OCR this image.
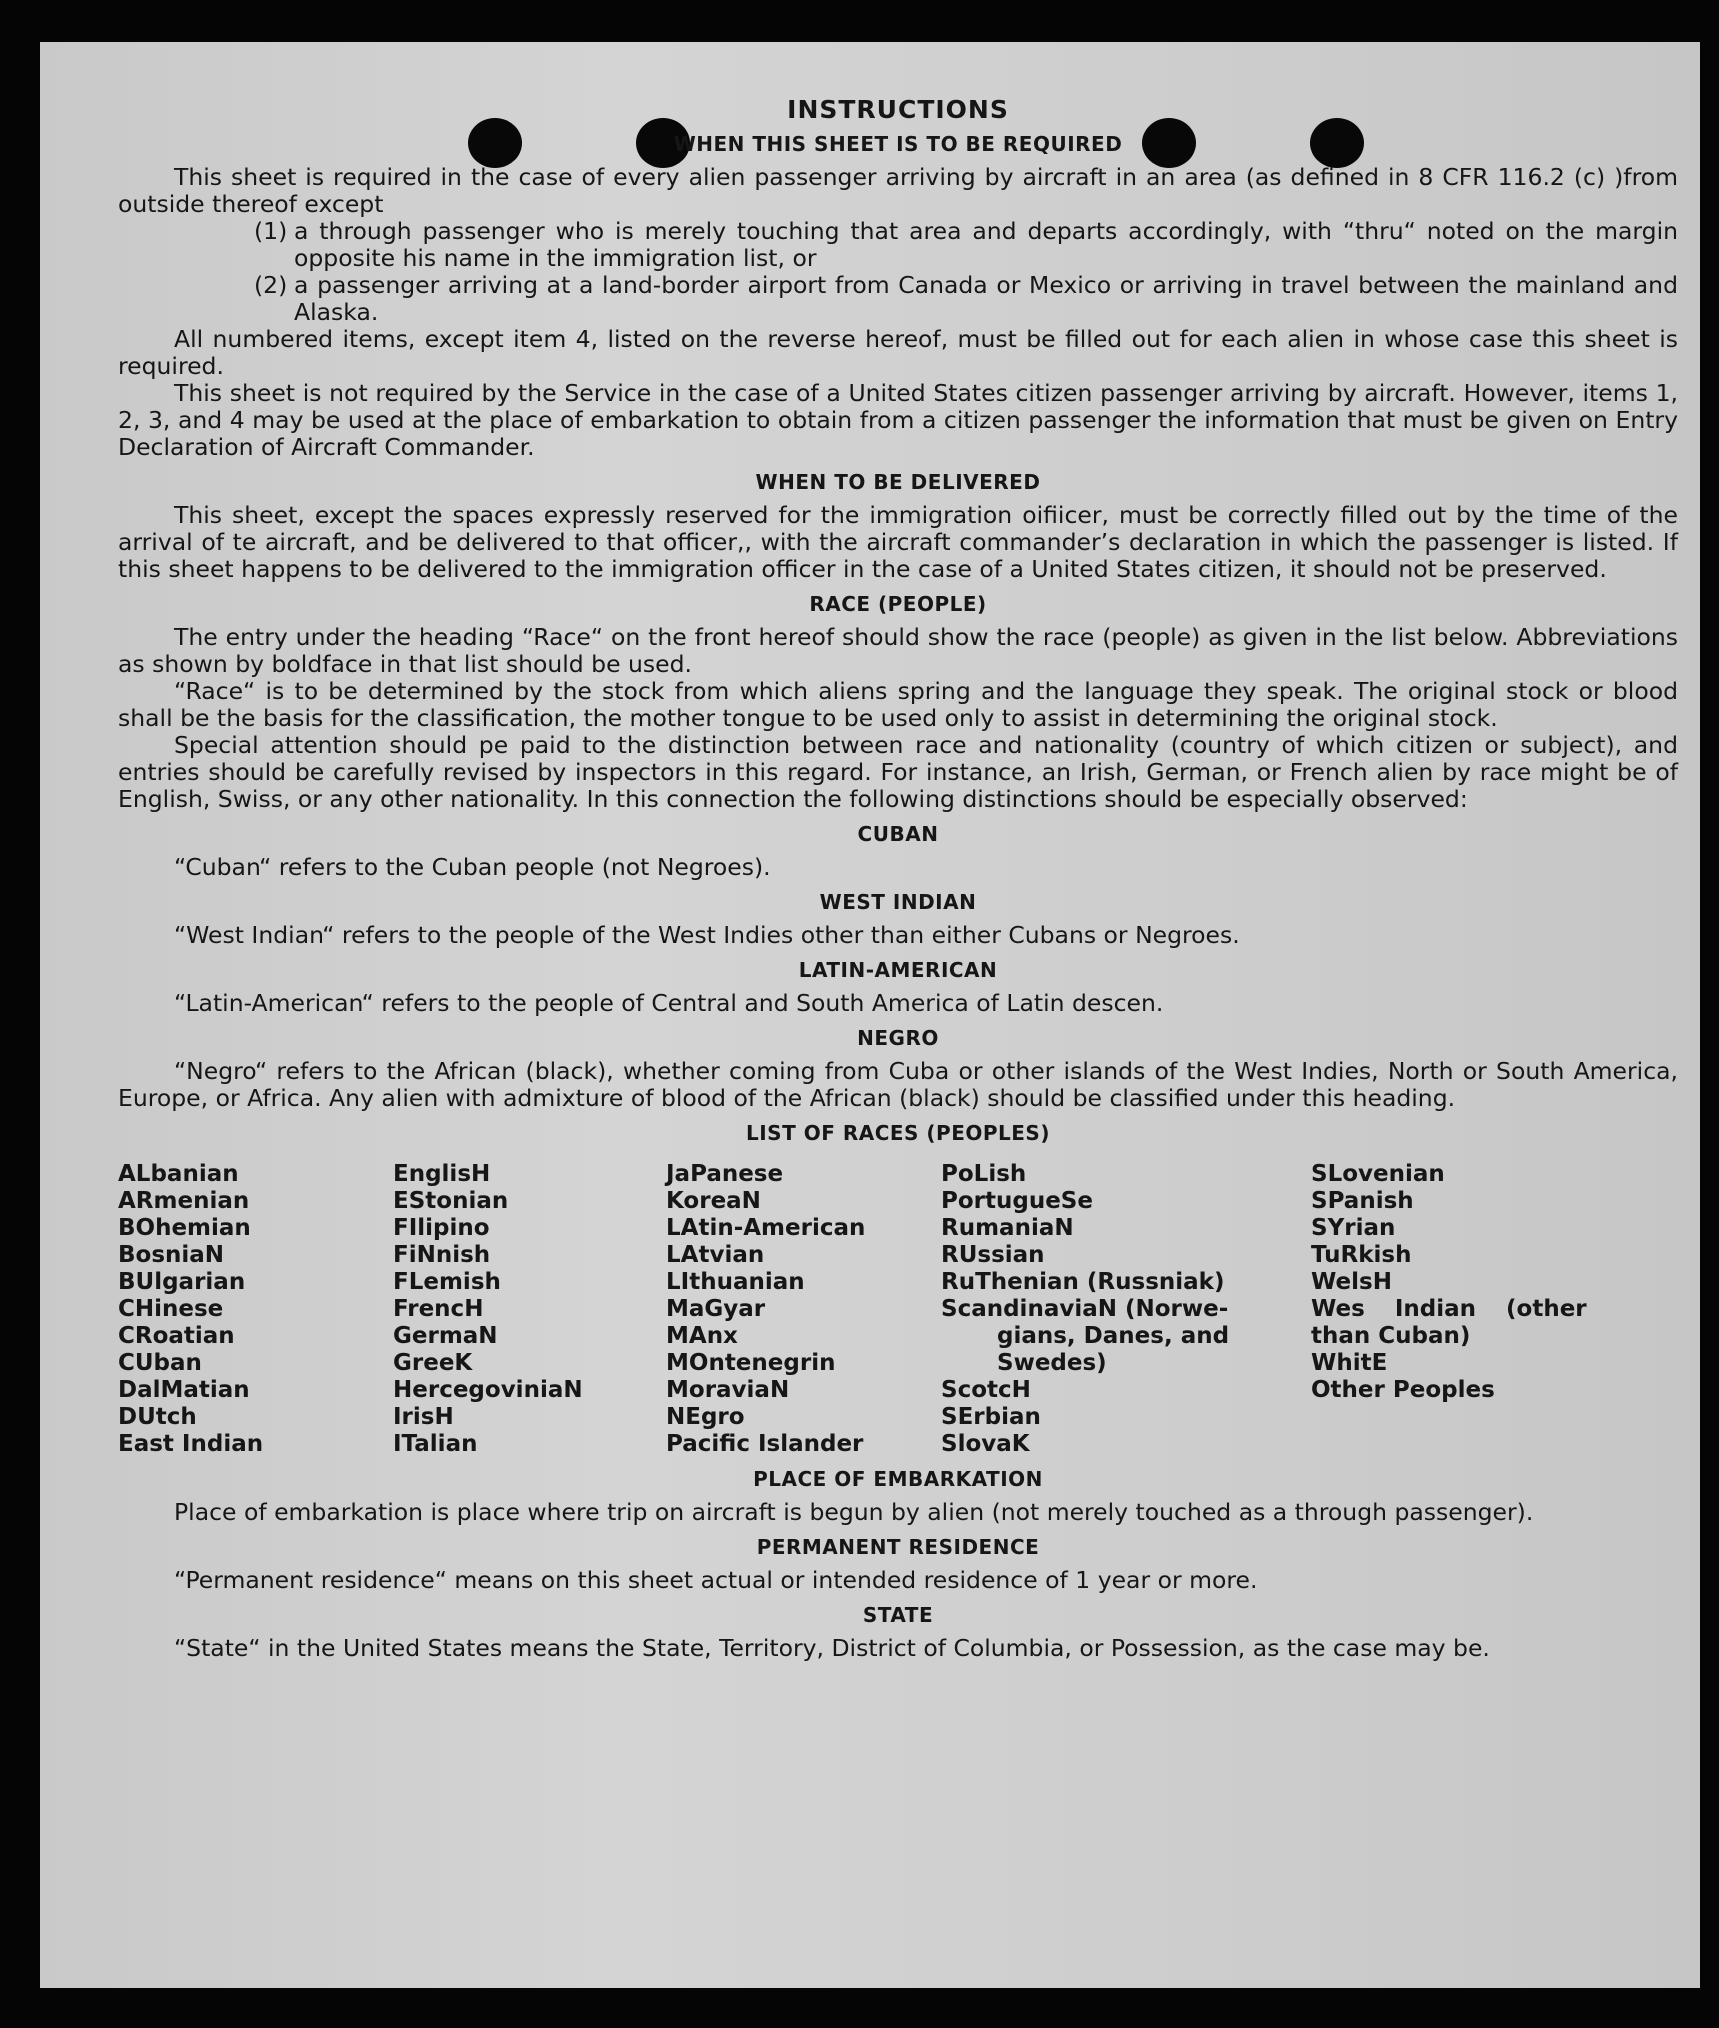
INSTRUCTIONS
WHEN THIS SHEET IS TO BE REQUIRED

This sheet is required in the case of every alien passenger arriving by aircraft in an area (as defined in 8 CFR 116.2 (c) )from outside thereof except

(1) a through passenger who is merely touching that area and departs accordingly, with “thru“ noted on the margin opposite his name in the immigration list, or
(2) a passenger arriving at a land-border airport from Canada or Mexico or arriving in travel between the mainland and Alaska.

All numbered items, except item 4, listed on the reverse hereof, must be filled out for each alien in whose case this sheet is required.

This sheet is not required by the Service in the case of a United States citizen passenger arriving by aircraft. However, items 1, 2, 3, and 4 may be used at the place of embarkation to obtain from a citizen passenger the information that must be given on Entry Declaration of Aircraft Commander.

WHEN TO BE DELIVERED

This sheet, except the spaces expressly reserved for the immigration oifiicer, must be correctly filled out by the time of the arrival of te aircraft, and be delivered to that officer,, with the aircraft commander’s declaration in which the passenger is listed. If this sheet happens to be delivered to the immigration officer in the case of a United States citizen, it should not be preserved.

RACE (PEOPLE)

The entry under the heading “Race“ on the front hereof should show the race (people) as given in the list below. Abbreviations as shown by boldface in that list should be used.

“Race“ is to be determined by the stock from which aliens spring and the language they speak. The original stock or blood shall be the basis for the classification, the mother tongue to be used only to assist in determining the original stock.

Special attention should pe paid to the distinction between race and nationality (country of which citizen or subject), and entries should be carefully revised by inspectors in this regard. For instance, an Irish, German, or French alien by race might be of English, Swiss, or any other nationality. In this connection the following distinctions should be especially observed:

CUBAN

“Cuban“ refers to the Cuban people (not Negroes).

WEST INDIAN

“West Indian“ refers to the people of the West Indies other than either Cubans or Negroes.

LATIN-AMERICAN

“Latin-American“ refers to the people of Central and South America of Latin descen.

NEGRO

“Negro“ refers to the African (black), whether coming from Cuba or other islands of the West Indies, North or South America, Europe, or Africa. Any alien with admixture of blood of the African (black) should be classified under this heading.

LIST OF RACES (PEOPLES)
ALbanian
ARmenian
BOhemian
BosniaN
BUlgarian
CHinese
CRoatian
CUban
DalMatian
DUtch
East Indian
EnglisH
EStonian
FIlipino
FiNnish
FLemish
FrencH
GermaN
GreeK
HercegoviniaN
IrisH
ITalian
JaPanese
KoreaN
LAtin-American
LAtvian
LIthuanian
MaGyar
MAnx
MOntenegrin
MoraviaN
NEgro
Pacific Islander
PoLish
PortugueSe
RumaniaN
RUssian
RuThenian (Russniak)
ScandinaviaN (Norwe-
gians, Danes, and
Swedes)
ScotcH
SErbian
SlovaK
SLovenian
SPanish
SYrian
TuRkish
WelsH
Wes Indian (other
than Cuban)
WhitE
Other Peoples
PLACE OF EMBARKATION

Place of embarkation is place where trip on aircraft is begun by alien (not merely touched as a through passenger).

PERMANENT RESIDENCE

“Permanent residence“ means on this sheet actual or intended residence of 1 year or more.

STATE

“State“ in the United States means the State, Territory, District of Columbia, or Possession, as the case may be.
